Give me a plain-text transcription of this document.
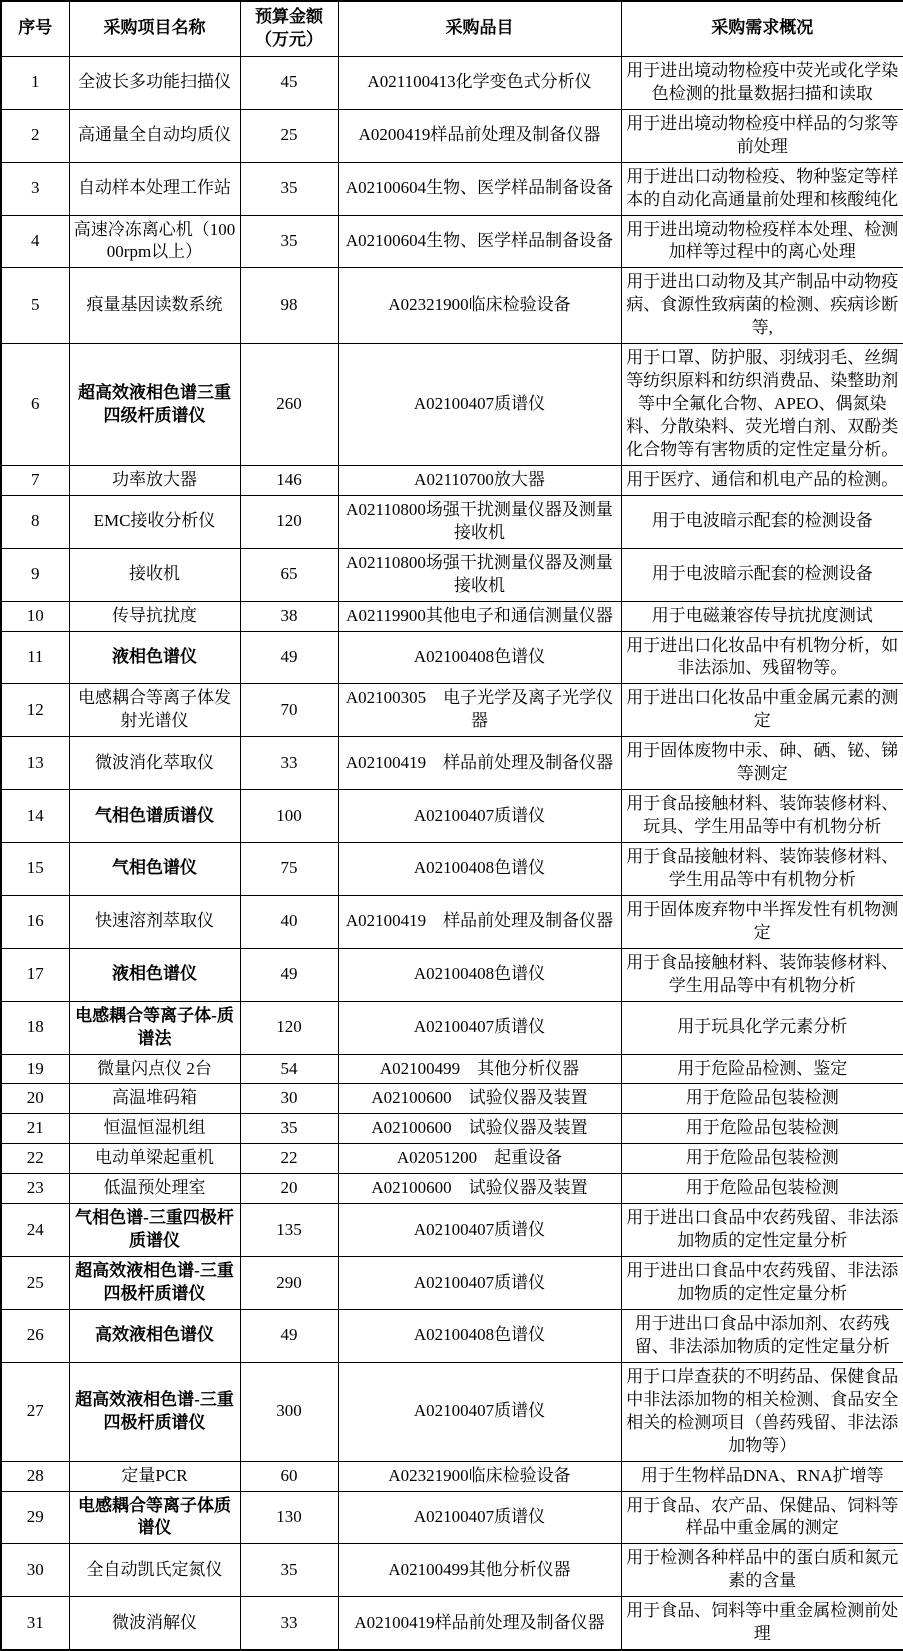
序号	采购项目名称	预算金额（万元）	采购品目	采购需求概况
1	全波长多功能扫描仪	45	A021100413化学变色式分析仪	用于进出境动物检疫中荧光或化学染色检测的批量数据扫描和读取
2	高通量全自动均质仪	25	A0200419样品前处理及制备仪器	用于进出境动物检疫中样品的匀浆等前处理
3	自动样本处理工作站	35	A02100604生物、医学样品制备设备	用于进出口动物检疫、物种鉴定等样本的自动化高通量前处理和核酸纯化
4	高速冷冻离心机（10000rpm以上）	35	A02100604生物、医学样品制备设备	用于进出境动物检疫样本处理、检测加样等过程中的离心处理
5	痕量基因读数系统	98	A02321900临床检验设备	用于进出口动物及其产制品中动物疫病、食源性致病菌的检测、疾病诊断等,
6	超高效液相色谱三重四级杆质谱仪	260	A02100407质谱仪	用于口罩、防护服、羽绒羽毛、丝绸等纺织原料和纺织消费品、染整助剂等中全氟化合物、APEO、偶氮染料、分散染料、荧光增白剂、双酚类化合物等有害物质的定性定量分析。
7	功率放大器	146	A02110700放大器	用于医疗、通信和机电产品的检测。
8	EMC接收分析仪	120	A02110800场强干扰测量仪器及测量接收机	用于电波暗示配套的检测设备
9	接收机	65	A02110800场强干扰测量仪器及测量接收机	用于电波暗示配套的检测设备
10	传导抗扰度	38	A02119900其他电子和通信测量仪器	用于电磁兼容传导抗扰度测试
11	液相色谱仪	49	A02100408色谱仪	用于进出口化妆品中有机物分析，如非法添加、残留物等。
12	电感耦合等离子体发射光谱仪	70	A02100305　电子光学及离子光学仪器	用于进出口化妆品中重金属元素的测定
13	微波消化萃取仪	33	A02100419　样品前处理及制备仪器	用于固体废物中汞、砷、硒、铋、锑等测定
14	气相色谱质谱仪	100	A02100407质谱仪	用于食品接触材料、装饰装修材料、玩具、学生用品等中有机物分析
15	气相色谱仪	75	A02100408色谱仪	用于食品接触材料、装饰装修材料、学生用品等中有机物分析
16	快速溶剂萃取仪	40	A02100419　样品前处理及制备仪器	用于固体废弃物中半挥发性有机物测定
17	液相色谱仪	49	A02100408色谱仪	用于食品接触材料、装饰装修材料、学生用品等中有机物分析
18	电感耦合等离子体-质谱法	120	A02100407质谱仪	用于玩具化学元素分析
19	微量闪点仪 2台	54	A02100499　其他分析仪器	用于危险品检测、鉴定
20	高温堆码箱	30	A02100600　试验仪器及装置	用于危险品包装检测
21	恒温恒湿机组	35	A02100600　试验仪器及装置	用于危险品包装检测
22	电动单梁起重机	22	A02051200　起重设备	用于危险品包装检测
23	低温预处理室	20	A02100600　试验仪器及装置	用于危险品包装检测
24	气相色谱-三重四极杆质谱仪	135	A02100407质谱仪	用于进出口食品中农药残留、非法添加物质的定性定量分析
25	超高效液相色谱-三重四极杆质谱仪	290	A02100407质谱仪	用于进出口食品中农药残留、非法添加物质的定性定量分析
26	高效液相色谱仪	49	A02100408色谱仪	用于进出口食品中添加剂、农药残留、非法添加物质的定性定量分析
27	超高效液相色谱-三重四极杆质谱仪	300	A02100407质谱仪	用于口岸查获的不明药品、保健食品中非法添加物的相关检测、食品安全相关的检测项目（兽药残留、非法添加物等）
28	定量PCR	60	A02321900临床检验设备	用于生物样品DNA、RNA扩增等
29	电感耦合等离子体质谱仪	130	A02100407质谱仪	用于食品、农产品、保健品、饲料等样品中重金属的测定
30	全自动凯氏定氮仪	35	A02100499其他分析仪器	用于检测各种样品中的蛋白质和氮元素的含量
31	微波消解仪	33	A02100419样品前处理及制备仪器	用于食品、饲料等中重金属检测前处理
